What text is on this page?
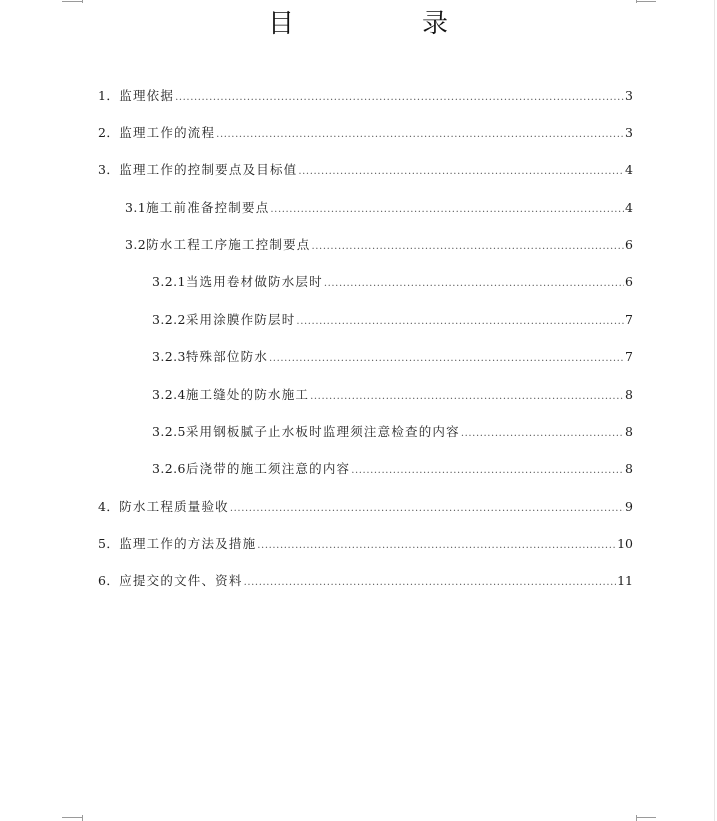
目	录
1． 监理依据 .....	3
2． 监理工作的流程 .....	3
3． 监理工作的控制要点及目标值 .....	4
3.1 施工前准备控制要点 .....	4
3.2 防水工程工序施工控制要点 .....	6
3.2.1 当选用卷材做防水层时 .....	6
3.2.2 采用涂膜作防层时 .....	7
3.2.3 特殊部位防水 .....	7
3.2.4 施工缝处的防水施工 .....	8
3.2.5 采用钢板腻子止水板时监理须注意检查的内容 .....	8
3.2.6 后浇带的施工须注意的内容 .....	8
4． 防水工程质量验收 .....	9
5． 监理工作的方法及措施 .....	10
6． 应提交的文件、资料 .....	11
